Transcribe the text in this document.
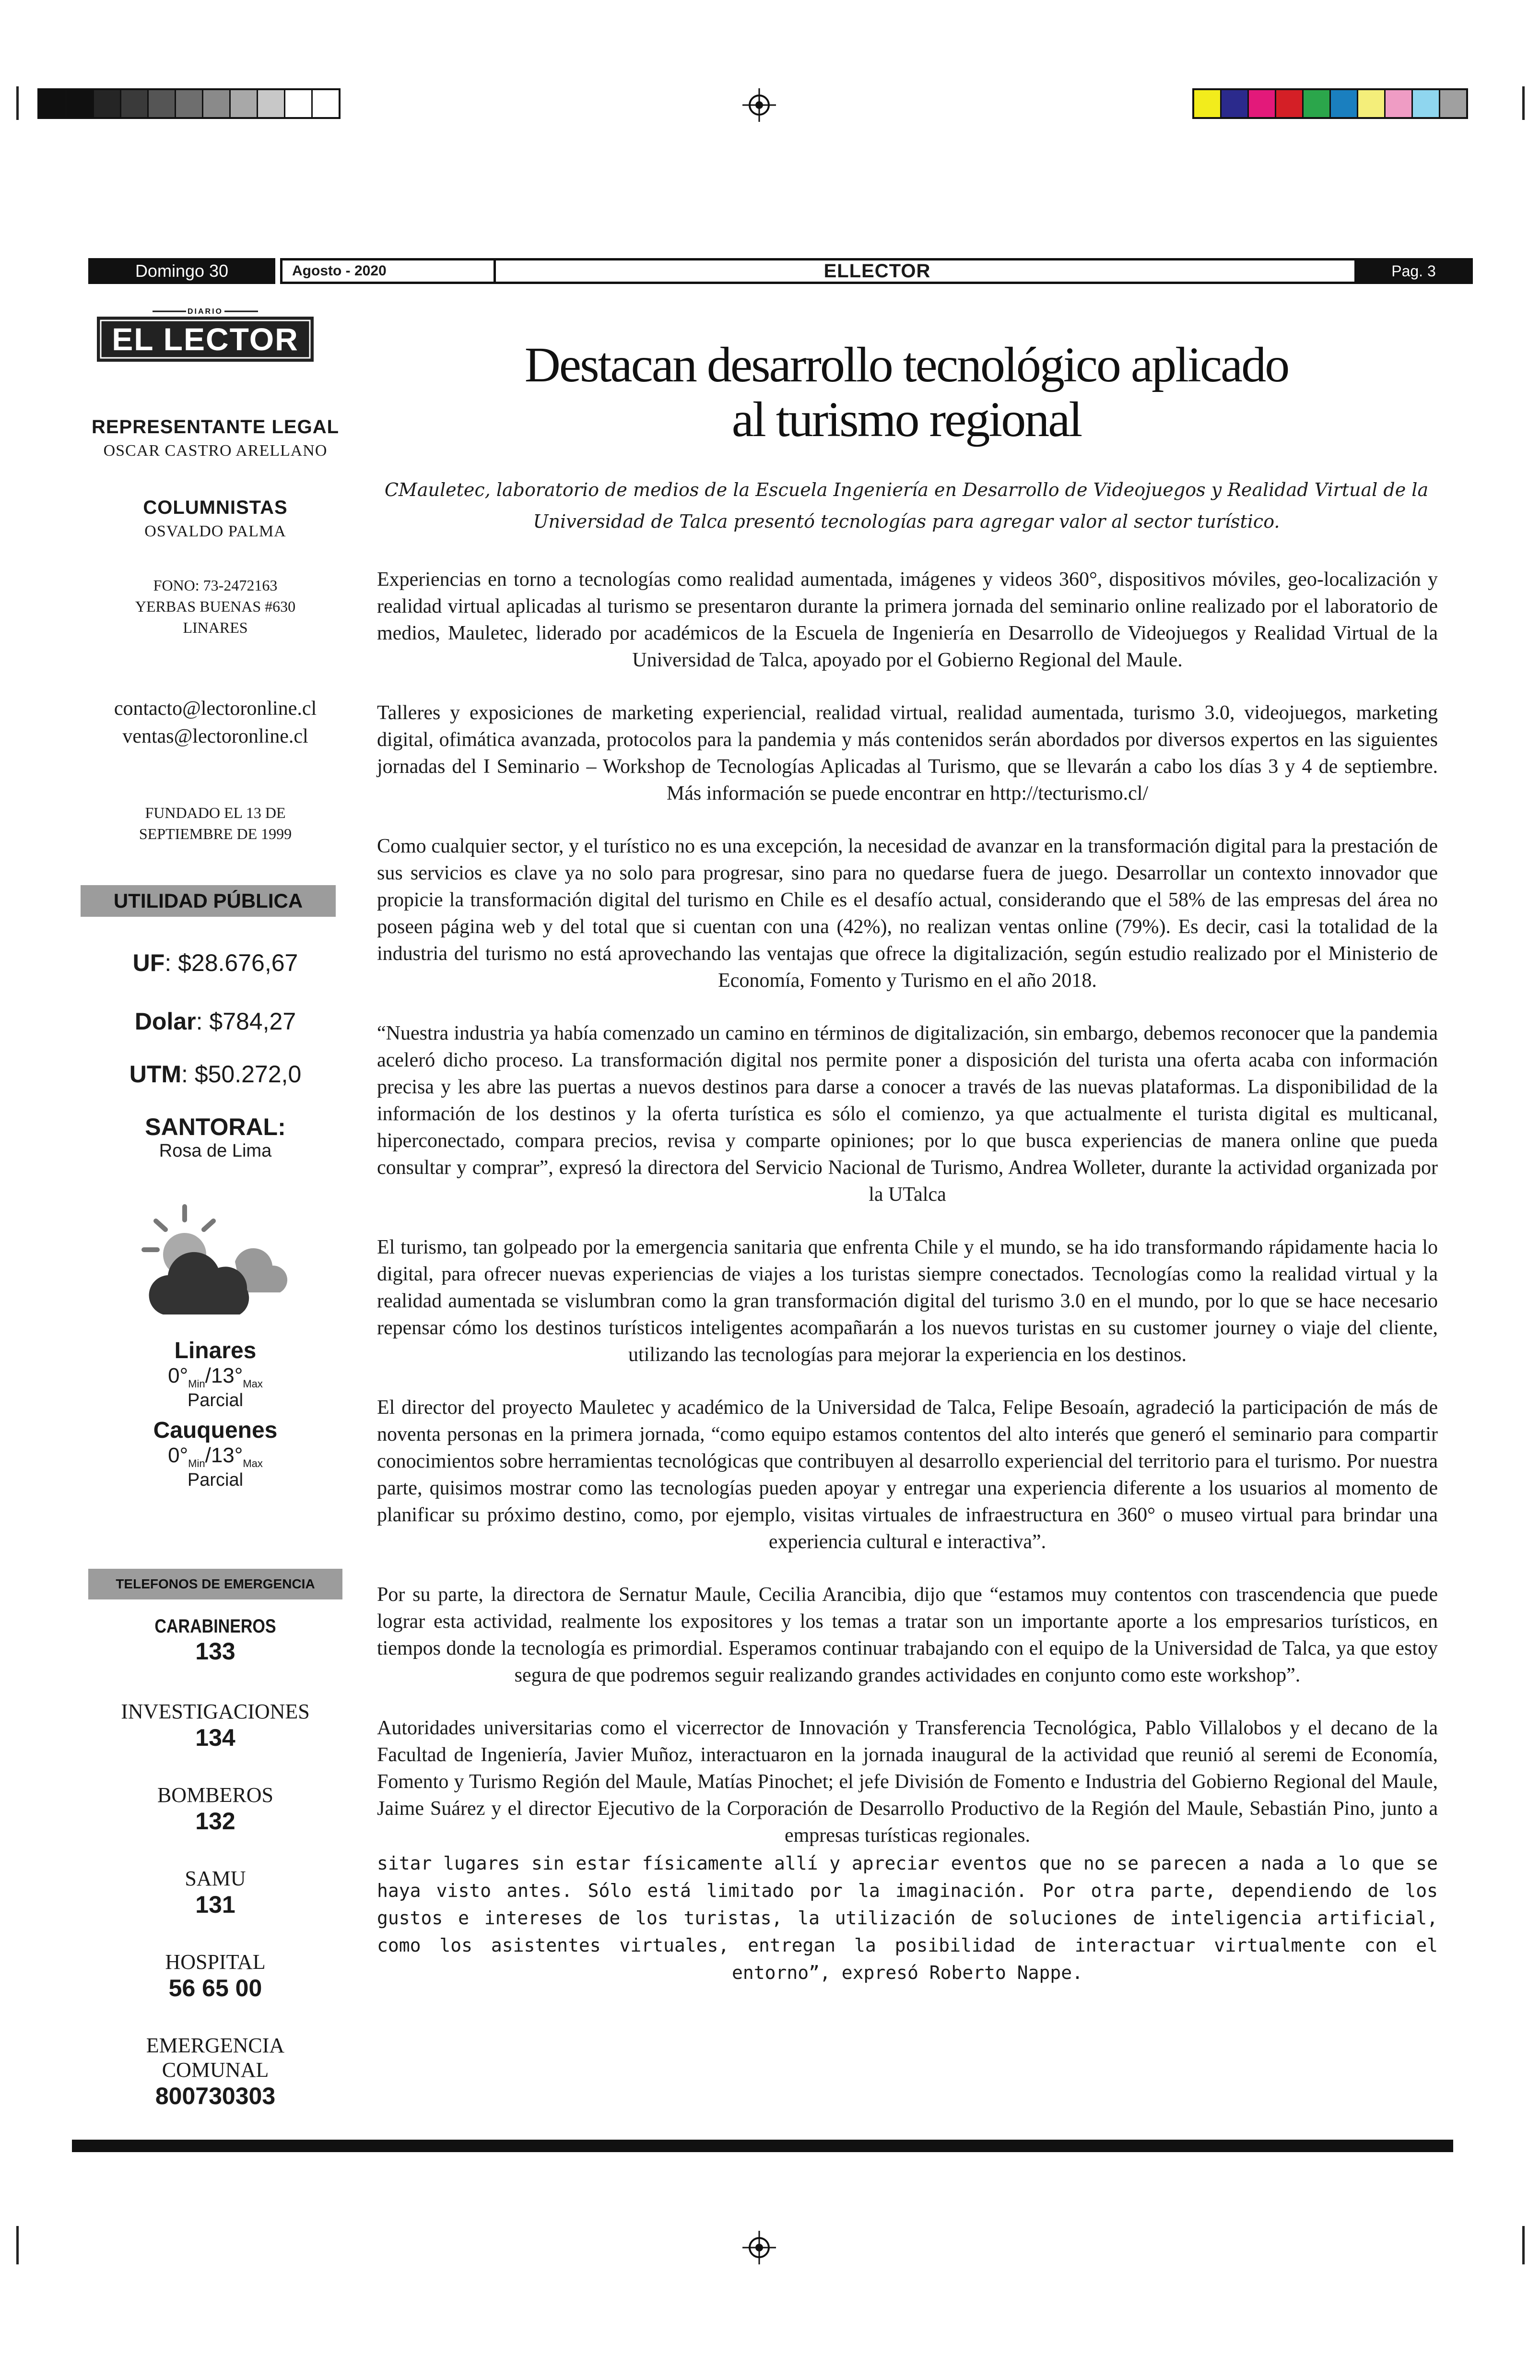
Domingo 30	Agosto - 2020	ELLECTOR	Pag. 3
DIARIO
EL LECTOR
REPRESENTANTE LEGAL
OSCAR CASTRO ARELLANO
COLUMNISTAS
OSVALDO PALMA
FONO: 73-2472163
YERBAS BUENAS #630
LINARES
contacto@lectoronline.cl
ventas@lectoronline.cl
FUNDADO EL 13 DE
SEPTIEMBRE DE 1999
UTILIDAD PÚBLICA
UF: $28.676,67
Dolar: $784,27
UTM: $50.272,0
SANTORAL:
Rosa de Lima
Linares
$0^\circ_{Min}/13^\circ_{Max}$
Parcial
Cauquenes
$0^\circ_{Min}/13^\circ_{Max}$
Parcial
TELEFONOS DE EMERGENCIA
CARABINEROS
133
INVESTIGACIONES
134
BOMBEROS
132
SAMU
131
HOSPITAL
56 65 00
EMERGENCIA
COMUNAL
800730303
Destacan desarrollo tecnológico aplicado
al turismo regional
CMauletec, laboratorio de medios de la Escuela Ingeniería en Desarrollo de Videojuegos y Realidad Virtual de la Universidad de Talca presentó tecnologías para agregar valor al sector turístico.

Experiencias en torno a tecnologías como realidad aumentada, imágenes y videos 360°, dispositivos móviles, geo-localización y realidad virtual aplicadas al turismo se presentaron durante la primera jornada del seminario online realizado por el laboratorio de medios, Mauletec, liderado por académicos de la Escuela de Ingeniería en Desarrollo de Videojuegos y Realidad Virtual de la Universidad de Talca, apoyado por el Gobierno Regional del Maule.

Talleres y exposiciones de marketing experiencial, realidad virtual, realidad aumentada, turismo 3.0, videojuegos, marketing digital, ofimática avanzada, protocolos para la pandemia y más contenidos serán abordados por diversos expertos en las siguientes jornadas del I Seminario – Workshop de Tecnologías Aplicadas al Turismo, que se llevarán a cabo los días 3 y 4 de septiembre. Más información se puede encontrar en http://tecturismo.cl/

Como cualquier sector, y el turístico no es una excepción, la necesidad de avanzar en la transformación digital para la prestación de sus servicios es clave ya no solo para progresar, sino para no quedarse fuera de juego. Desarrollar un contexto innovador que propicie la transformación digital del turismo en Chile es el desafío actual, considerando que el 58% de las empresas del área no poseen página web y del total que si cuentan con una (42%), no realizan ventas online (79%). Es decir, casi la totalidad de la industria del turismo no está aprovechando las ventajas que ofrece la digitalización, según estudio realizado por el Ministerio de Economía, Fomento y Turismo en el año 2018.

“Nuestra industria ya había comenzado un camino en términos de digitalización, sin embargo, debemos reconocer que la pandemia aceleró dicho proceso. La transformación digital nos permite poner a disposición del turista una oferta acaba con información precisa y les abre las puertas a nuevos destinos para darse a conocer a través de las nuevas plataformas. La disponibilidad de la información de los destinos y la oferta turística es sólo el comienzo, ya que actualmente el turista digital es multicanal, hiperconectado, compara precios, revisa y comparte opiniones; por lo que busca experiencias de manera online que pueda consultar y comprar”, expresó la directora del Servicio Nacional de Turismo, Andrea Wolleter, durante la actividad organizada por la UTalca

El turismo, tan golpeado por la emergencia sanitaria que enfrenta Chile y el mundo, se ha ido transformando rápidamente hacia lo digital, para ofrecer nuevas experiencias de viajes a los turistas siempre conectados. Tecnologías como la realidad virtual y la realidad aumentada se vislumbran como la gran transformación digital del turismo 3.0 en el mundo, por lo que se hace necesario repensar cómo los destinos turísticos inteligentes acompañarán a los nuevos turistas en su customer journey o viaje del cliente, utilizando las tecnologías para mejorar la experiencia en los destinos.

El director del proyecto Mauletec y académico de la Universidad de Talca, Felipe Besoaín, agradeció la participación de más de noventa personas en la primera jornada, “como equipo estamos contentos del alto interés que generó el seminario para compartir conocimientos sobre herramientas tecnológicas que contribuyen al desarrollo experiencial del territorio para el turismo. Por nuestra parte, quisimos mostrar como las tecnologías pueden apoyar y entregar una experiencia diferente a los usuarios al momento de planificar su próximo destino, como, por ejemplo, visitas virtuales de infraestructura en 360° o museo virtual para brindar una experiencia cultural e interactiva”.

Por su parte, la directora de Sernatur Maule, Cecilia Arancibia, dijo que “estamos muy contentos con trascendencia que puede lograr esta actividad, realmente los expositores y los temas a tratar son un importante aporte a los empresarios turísticos, en tiempos donde la tecnología es primordial. Esperamos continuar trabajando con el equipo de la Universidad de Talca, ya que estoy segura de que podremos seguir realizando grandes actividades en conjunto como este workshop”.

Autoridades universitarias como el vicerrector de Innovación y Transferencia Tecnológica, Pablo Villalobos y el decano de la Facultad de Ingeniería, Javier Muñoz, interactuaron en la jornada inaugural de la actividad que reunió al seremi de Economía, Fomento y Turismo Región del Maule, Matías Pinochet; el jefe División de Fomento e Industria del Gobierno Regional del Maule, Jaime Suárez y el director Ejecutivo de la Corporación de Desarrollo Productivo de la Región del Maule, Sebastián Pino, junto a empresas turísticas regionales.

sitar lugares sin estar físicamente allí y apreciar eventos que no se parecen a nada a lo que se haya visto antes. Sólo está limitado por la imaginación. Por otra parte, dependiendo de los gustos e intereses de los turistas, la utilización de soluciones de inteligencia artificial, como los asistentes virtuales, entregan la posibilidad de interactuar virtualmente con el entorno”, expresó Roberto Nappe.
